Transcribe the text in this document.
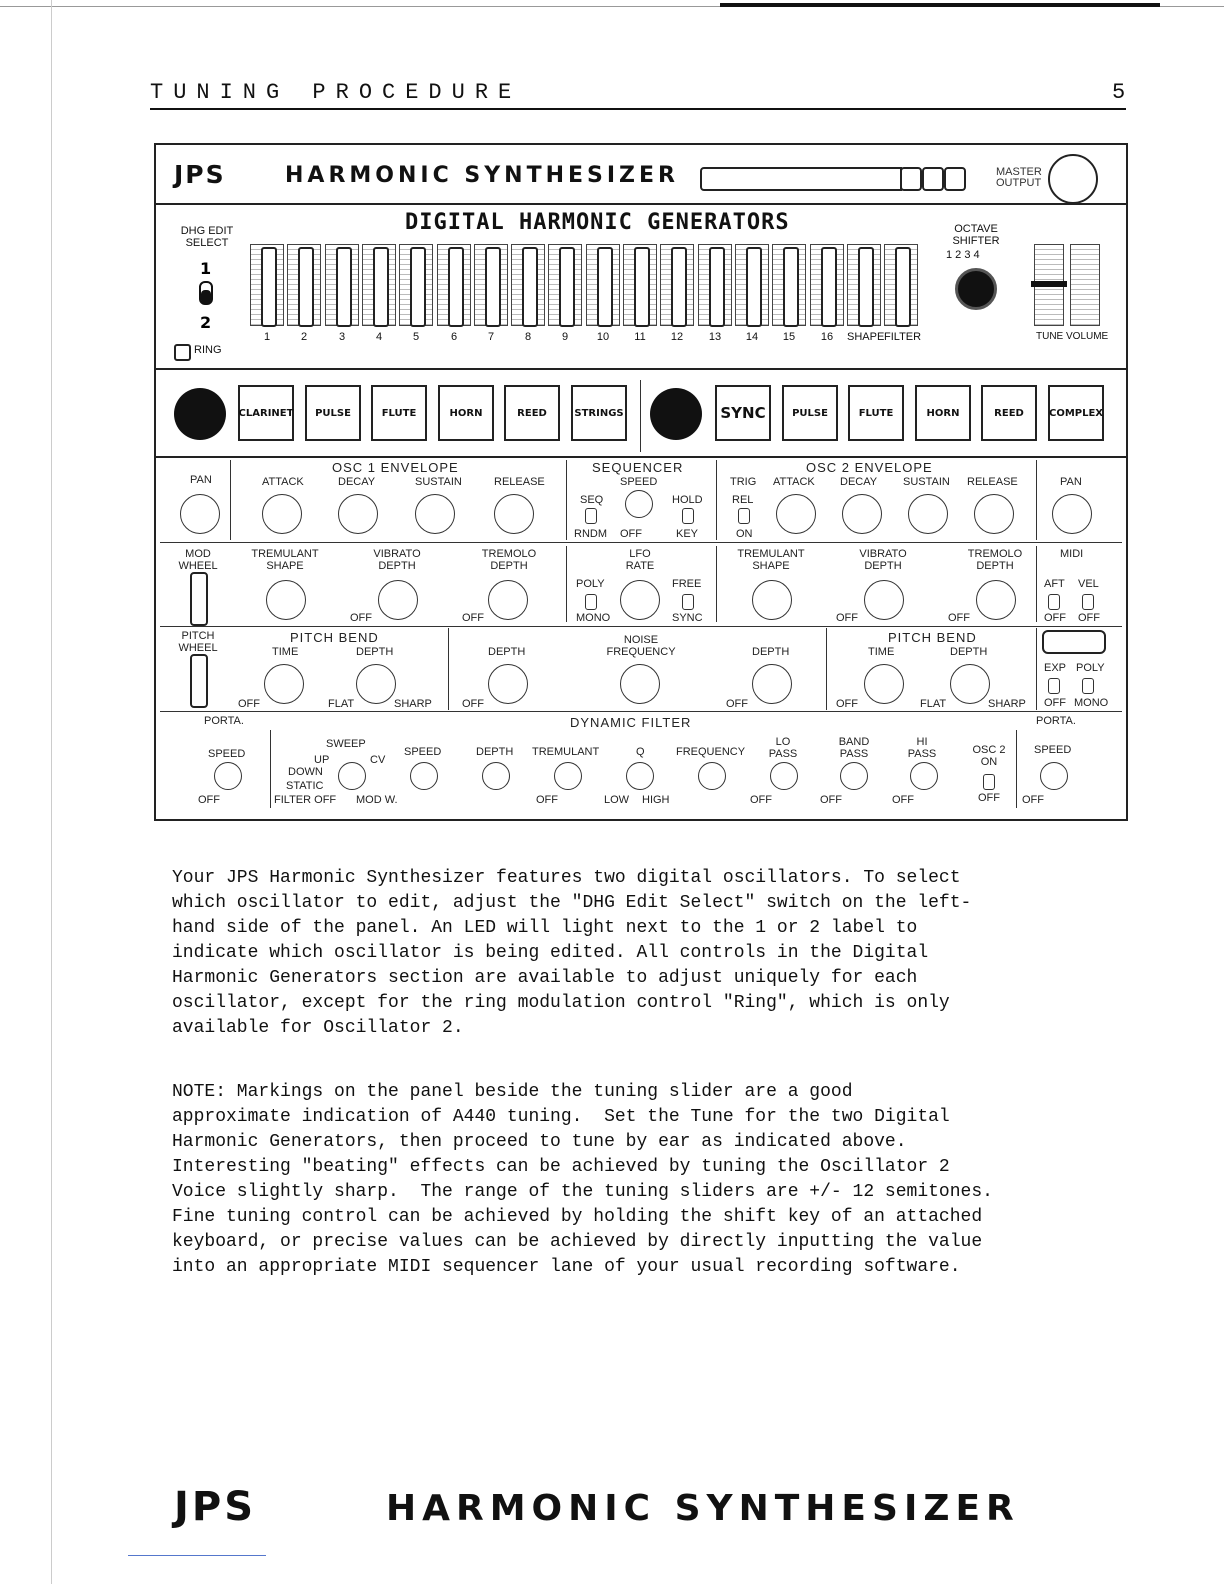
TUNING PROCEDURE	5
JPS	HARMONIC SYNTHESIZER	MASTER OUTPUT
DIGITAL HARMONIC GENERATORS
DHG EDIT SELECT
1
2
RING
1	2	3	4	5	6	7	8	9	10	11	12	13	14	15	16	SHAPE FILTER
OCTAVE SHIFTER
1 2 3 4
TUNE VOLUME
CLARINET	PULSE	FLUTE	HORN	REED	STRINGS	SYNC	PULSE	FLUTE	HORN	REED	COMPLEX
PAN
OSC 1 ENVELOPE
ATTACK	DECAY	SUSTAIN	RELEASE
SEQUENCER
SPEED
SEQ	HOLD
RNDM OFF	KEY
OSC 2 ENVELOPE
TRIG
REL
ON
ATTACK DECAY SUSTAIN RELEASE	PAN
MOD WHEEL
TREMULANT SHAPE
VIBRATO DEPTH
OFF
TREMOLO DEPTH
OFF
LFO RATE
POLY
MONO
FREE
SYNC
TREMULANT SHAPE
VIBRATO DEPTH
OFF
TREMOLO DEPTH
OFF
MIDI
AFT VEL
OFF OFF
PITCH WHEEL
PITCH BEND
TIME	DEPTH
OFF	FLAT	SHARP
DEPTH
OFF
NOISE FREQUENCY	DEPTH
OFF
PITCH BEND
TIME	DEPTH
OFF	FLAT	SHARP
EXP POLY
OFF MONO
PORTA.
SPEED
OFF
DYNAMIC FILTER
SWEEP
UP	CV
DOWN
STATIC
FILTER OFF MOD W.
SPEED	DEPTH TREMULANT
OFF
Q
LOW HIGH
FREQUENCY
LO PASS
OFF
BAND PASS
OFF
HI PASS
OFF
OSC 2 ON
OFF
PORTA.
SPEED
OFF
Your JPS Harmonic Synthesizer features two digital oscillators. To select
which oscillator to edit, adjust the "DHG Edit Select" switch on the left-
hand side of the panel. An LED will light next to the 1 or 2 label to
indicate which oscillator is being edited. All controls in the Digital
Harmonic Generators section are available to adjust uniquely for each
oscillator, except for the ring modulation control "Ring", which is only
available for Oscillator 2.
NOTE: Markings on the panel beside the tuning slider are a good
approximate indication of A440 tuning.  Set the Tune for the two Digital
Harmonic Generators, then proceed to tune by ear as indicated above.
Interesting "beating" effects can be achieved by tuning the Oscillator 2
Voice slightly sharp.  The range of the tuning sliders are +/- 12 semitones.
Fine tuning control can be achieved by holding the shift key of an attached
keyboard, or precise values can be achieved by directly inputting the value
into an appropriate MIDI sequencer lane of your usual recording software.
JPS	HARMONIC SYNTHESIZER
